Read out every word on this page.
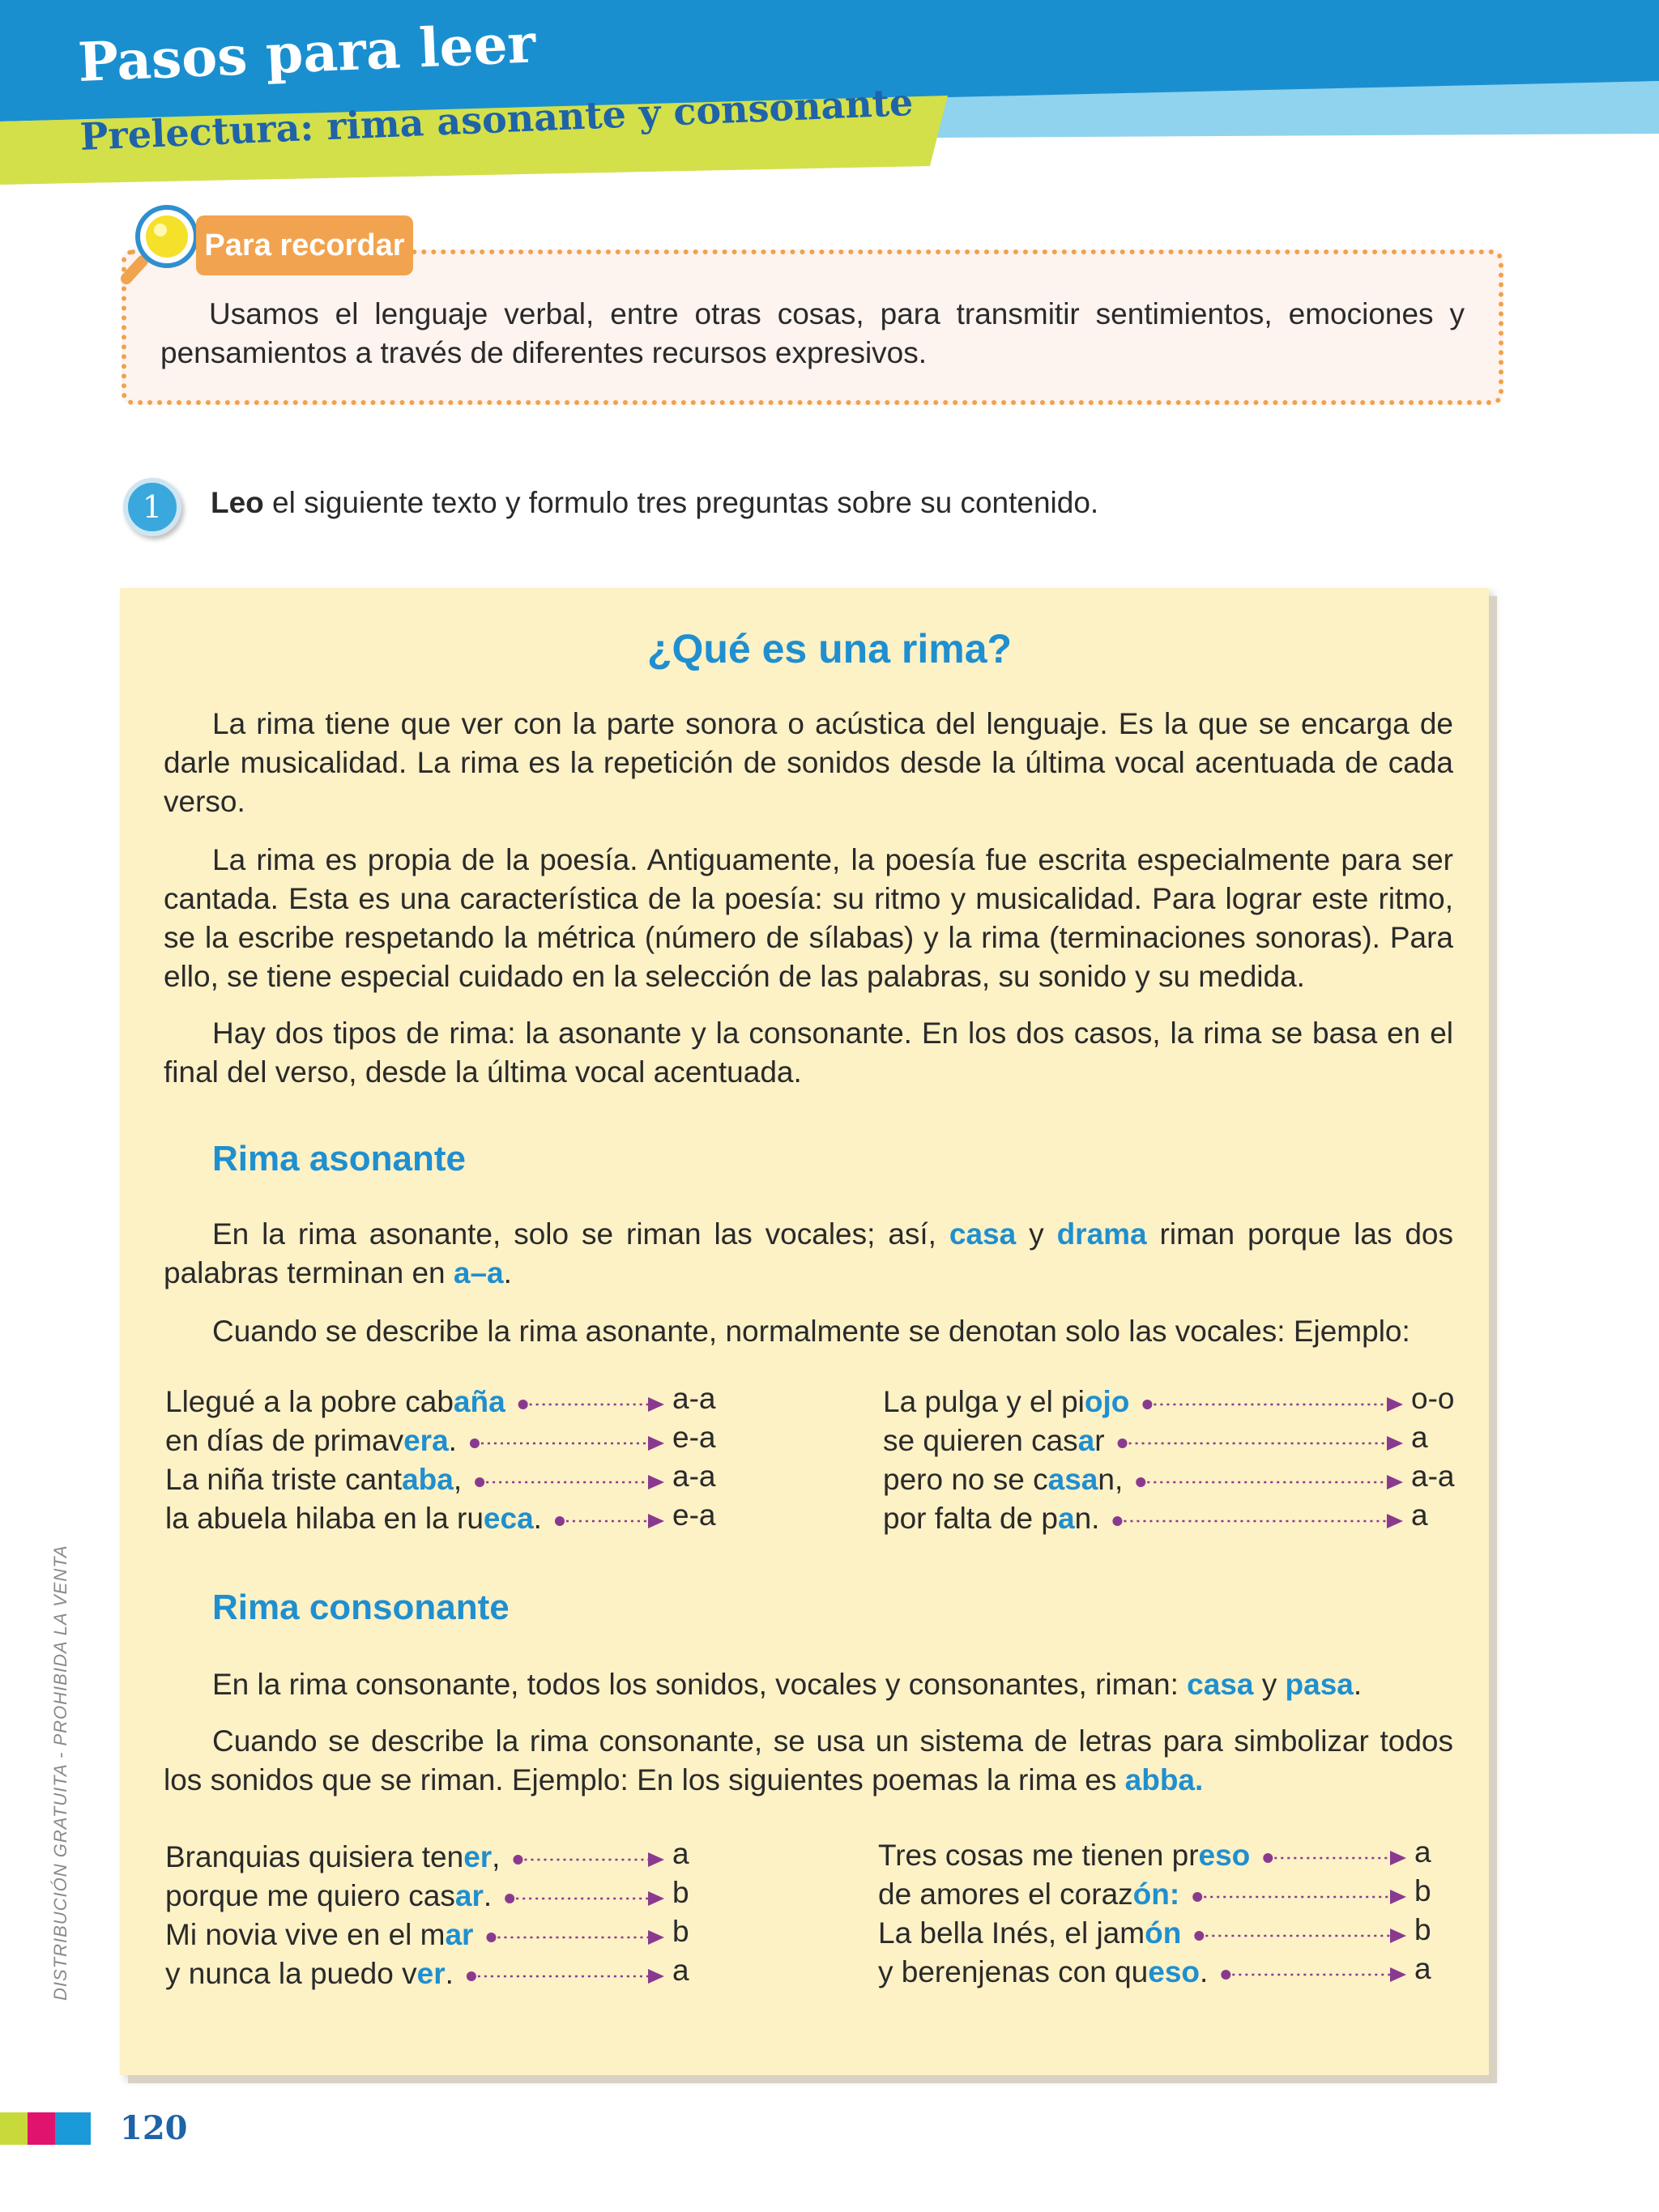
Pasos para leer
Prelectura: rima asonante y consonante
Para recordar
Usamos el lenguaje verbal, entre otras cosas, para transmitir sentimientos, emociones y pensamientos a través de diferentes recursos expresivos.
1	Leo el siguiente texto y formulo tres preguntas sobre su contenido.
¿Qué es una rima?
La rima tiene que ver con la parte sonora o acústica del lenguaje. Es la que se encarga de darle musicalidad. La rima es la repetición de sonidos desde la última vocal acentuada de cada verso.
La rima es propia de la poesía. Antiguamente, la poesía fue escrita especialmente para ser cantada. Esta es una característica de la poesía: su ritmo y musicalidad. Para lograr este ritmo, se la escribe respetando la métrica (número de sílabas) y la rima (terminaciones sonoras). Para ello, se tiene especial cuidado en la selección de las palabras, su sonido y su medida.
Hay dos tipos de rima: la asonante y la consonante. En los dos casos, la rima se basa en el final del verso, desde la última vocal acentuada.
Rima asonante
En la rima asonante, solo se riman las vocales; así, casa y drama riman porque las dos palabras terminan en a–a.
Cuando se describe la rima asonante, normalmente se denotan solo las vocales: Ejemplo:
Llegué a la pobre cabaña	a-a
en días de primavera.	e-a
La niña triste cantaba,	a-a
la abuela hilaba en la rueca.	e-a
La pulga y el piojo	o-o
se quieren casar	a
pero no se casan,	a-a
por falta de pan.	a
Rima consonante
En la rima consonante, todos los sonidos, vocales y consonantes, riman: casa y pasa.
Cuando se describe la rima consonante, se usa un sistema de letras para simbolizar todos los sonidos que se riman. Ejemplo: En los siguientes poemas la rima es abba.
Branquias quisiera tener,	a
porque me quiero casar.	b
Mi novia vive en el mar	b
y nunca la puedo ver.	a
Tres cosas me tienen preso	a
de amores el corazón:	b
La bella Inés, el jamón	b
y berenjenas con queso.	a
DISTRIBUCIÓN GRATUITA - PROHIBIDA LA VENTA
120
